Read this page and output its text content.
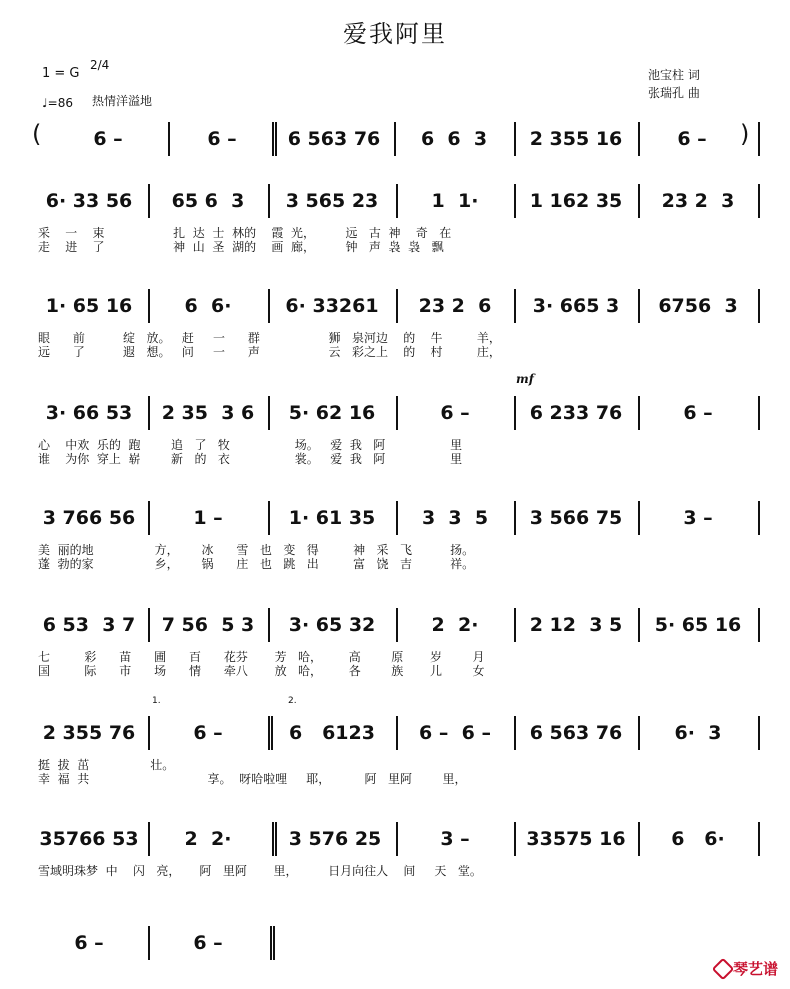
爱我阿里
1 = G
2/4
♩=86 热情洋溢地
池宝柱 词
张瑞孔 曲
(	6 –	6 –	6 563 76	6  6  3	2 355 16	6 –	)
6· 33 56	65 6  3	3 565 23	1  1·	1 162 35	23 2  3
采    一    束                  扎  达  士  林的    霞  光，        远   古  神    奇   在
走    进    了                  神  山  圣  湖的    画  廊，        钟   声  袅  袅   飘
1· 65 16	6  6·	6· 33261	23 2  6	3· 665 3	6756  3
眼      前          绽   放。   赶     一      群                  狮   泉河边    的    牛         羊，
远      了          遐   想。   问     一      声                  云   彩之上    的    村         庄，
mf
3· 66 53	2 35  3 6	5· 62 16	6 –	6 233 76	6 –
心    中欢  乐的  跑        追   了   牧                 场。   爱  我   阿                 里
谁    为你  穿上  崭        新   的   衣                 裳。   爱  我   阿                 里
3 766 56	1 –	1· 61 35	3  3  5	3 566 75	3 –
美  丽的地                方，      冰      雪   也   变   得         神   采   飞          扬。
蓬  勃的家                乡，      锅      庄   也   跳   出         富   饶   吉          祥。
6 53  3 7	7 56  5 3	3· 65 32	2  2·	2 12  3 5	5· 65 16
七         彩      苗      圃      百      花芬       芳   哈，       高        原       岁        月
国         际      市      场      情      牵八       放   哈，       各        族       儿        女
1.	2.
2 355 76	6 –	6   6123	6 –  6 –	6 563 76	6·  3
挺  拔  茁                壮。
幸  福  共                               享。  呀哈啦哩     耶，         阿   里阿        里，
35766 53	2  2·	3 576 25	3 –	33575 16	6   6·
雪域明珠梦  中    闪   亮，     阿   里阿       里，        日月向往人    间     天   堂。
6 –	6 –
琴艺谱
